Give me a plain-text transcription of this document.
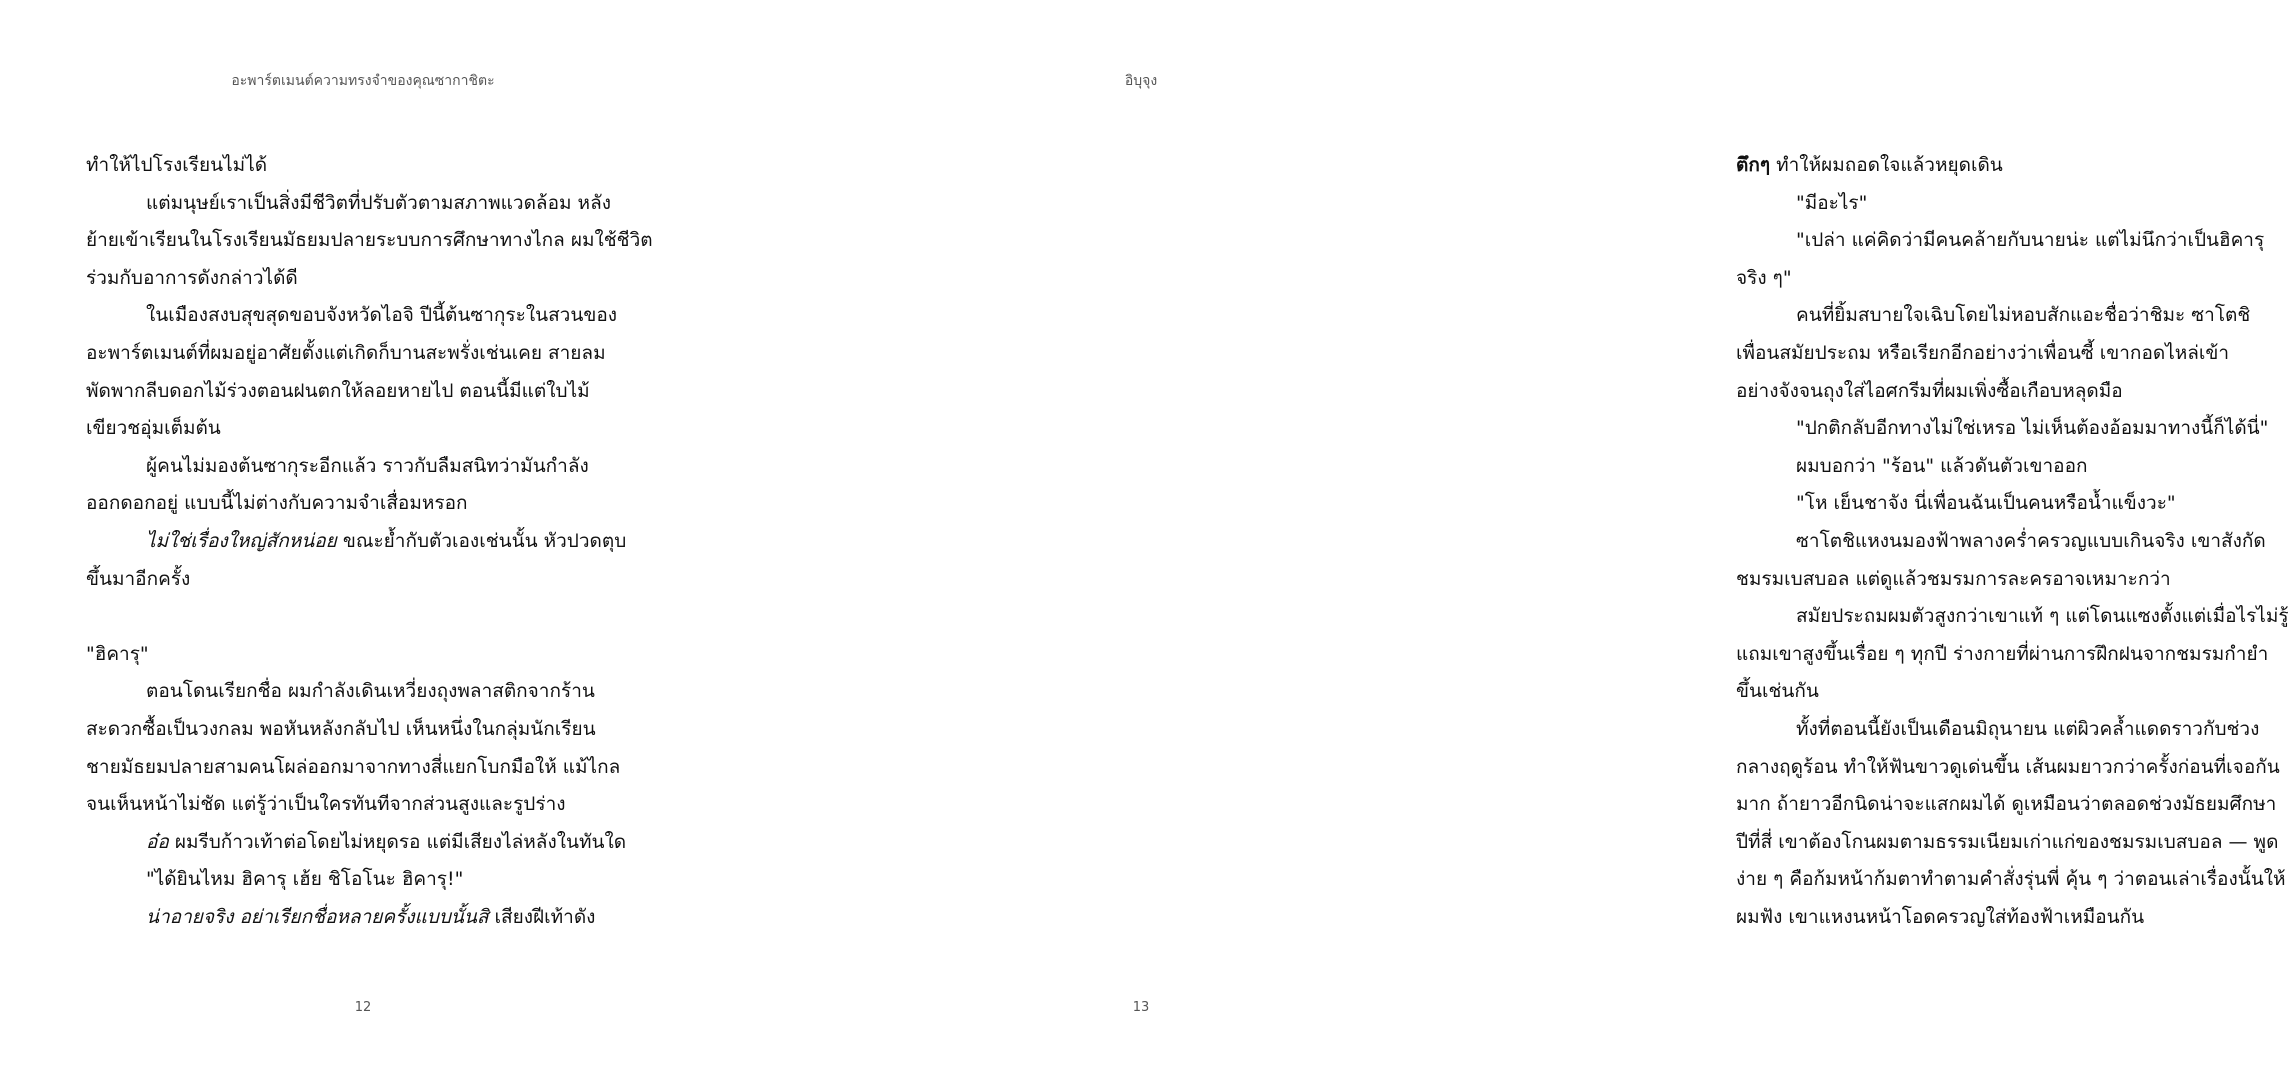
อะพาร์ตเมนต์ความทรงจำของคุณซากาชิตะ
ทำให้ไปโรงเรียนไม่ได้
แต่มนุษย์เราเป็นสิ่งมีชีวิตที่ปรับตัวตามสภาพแวดล้อม หลัง
ย้ายเข้าเรียนในโรงเรียนมัธยมปลายระบบการศึกษาทางไกล ผมใช้ชีวิต
ร่วมกับอาการดังกล่าวได้ดี
ในเมืองสงบสุขสุดขอบจังหวัดไอจิ ปีนี้ต้นซากุระในสวนของ
อะพาร์ตเมนต์ที่ผมอยู่อาศัยตั้งแต่เกิดก็บานสะพรั่งเช่นเคย สายลม
พัดพากลีบดอกไม้ร่วงตอนฝนตกให้ลอยหายไป ตอนนี้มีแต่ใบไม้
เขียวชอุ่มเต็มต้น
ผู้คนไม่มองต้นซากุระอีกแล้ว ราวกับลืมสนิทว่ามันกำลัง
ออกดอกอยู่ แบบนี้ไม่ต่างกับความจำเสื่อมหรอก
ไม่ใช่เรื่องใหญ่สักหน่อย ขณะย้ำกับตัวเองเช่นนั้น หัวปวดตุบ
ขึ้นมาอีกครั้ง
"ฮิคารุ"
ตอนโดนเรียกชื่อ ผมกำลังเดินเหวี่ยงถุงพลาสติกจากร้าน
สะดวกซื้อเป็นวงกลม พอหันหลังกลับไป เห็นหนึ่งในกลุ่มนักเรียน
ชายมัธยมปลายสามคนโผล่ออกมาจากทางสี่แยกโบกมือให้ แม้ไกล
จนเห็นหน้าไม่ชัด แต่รู้ว่าเป็นใครทันทีจากส่วนสูงและรูปร่าง
อ๋อ ผมรีบก้าวเท้าต่อโดยไม่หยุดรอ แต่มีเสียงไล่หลังในทันใด
"ได้ยินไหม ฮิคารุ เฮ้ย ชิโอโนะ ฮิคารุ!"
น่าอายจริง อย่าเรียกชื่อหลายครั้งแบบนั้นสิ เสียงฝีเท้าดัง
12
อิบุจุง
ตึกๆ ทำให้ผมถอดใจแล้วหยุดเดิน
"มีอะไร"
"เปล่า แค่คิดว่ามีคนคล้ายกับนายน่ะ แต่ไม่นึกว่าเป็นฮิคารุ
จริง ๆ"
คนที่ยิ้มสบายใจเฉิบโดยไม่หอบสักแอะชื่อว่าชิมะ ซาโตชิ
เพื่อนสมัยประถม หรือเรียกอีกอย่างว่าเพื่อนซี้ เขากอดไหล่เข้า
อย่างจังจนถุงใส่ไอศกรีมที่ผมเพิ่งซื้อเกือบหลุดมือ
"ปกติกลับอีกทางไม่ใช่เหรอ ไม่เห็นต้องอ้อมมาทางนี้ก็ได้นี่"
ผมบอกว่า "ร้อน" แล้วดันตัวเขาออก
"โห เย็นชาจัง นี่เพื่อนฉันเป็นคนหรือน้ำแข็งวะ"
ซาโตชิแหงนมองฟ้าพลางคร่ำครวญแบบเกินจริง เขาสังกัด
ชมรมเบสบอล แต่ดูแล้วชมรมการละครอาจเหมาะกว่า
สมัยประถมผมตัวสูงกว่าเขาแท้ ๆ แต่โดนแซงตั้งแต่เมื่อไรไม่รู้
แถมเขาสูงขึ้นเรื่อย ๆ ทุกปี ร่างกายที่ผ่านการฝึกฝนจากชมรมกำยำ
ขึ้นเช่นกัน
ทั้งที่ตอนนี้ยังเป็นเดือนมิถุนายน แต่ผิวคล้ำแดดราวกับช่วง
กลางฤดูร้อน ทำให้ฟันขาวดูเด่นขึ้น เส้นผมยาวกว่าครั้งก่อนที่เจอกัน
มาก ถ้ายาวอีกนิดน่าจะแสกผมได้ ดูเหมือนว่าตลอดช่วงมัธยมศึกษา
ปีที่สี่ เขาต้องโกนผมตามธรรมเนียมเก่าแก่ของชมรมเบสบอล — พูด
ง่าย ๆ คือก้มหน้าก้มตาทำตามคำสั่งรุ่นพี่ คุ้น ๆ ว่าตอนเล่าเรื่องนั้นให้
ผมฟัง เขาแหงนหน้าโอดครวญใส่ท้องฟ้าเหมือนกัน
13
